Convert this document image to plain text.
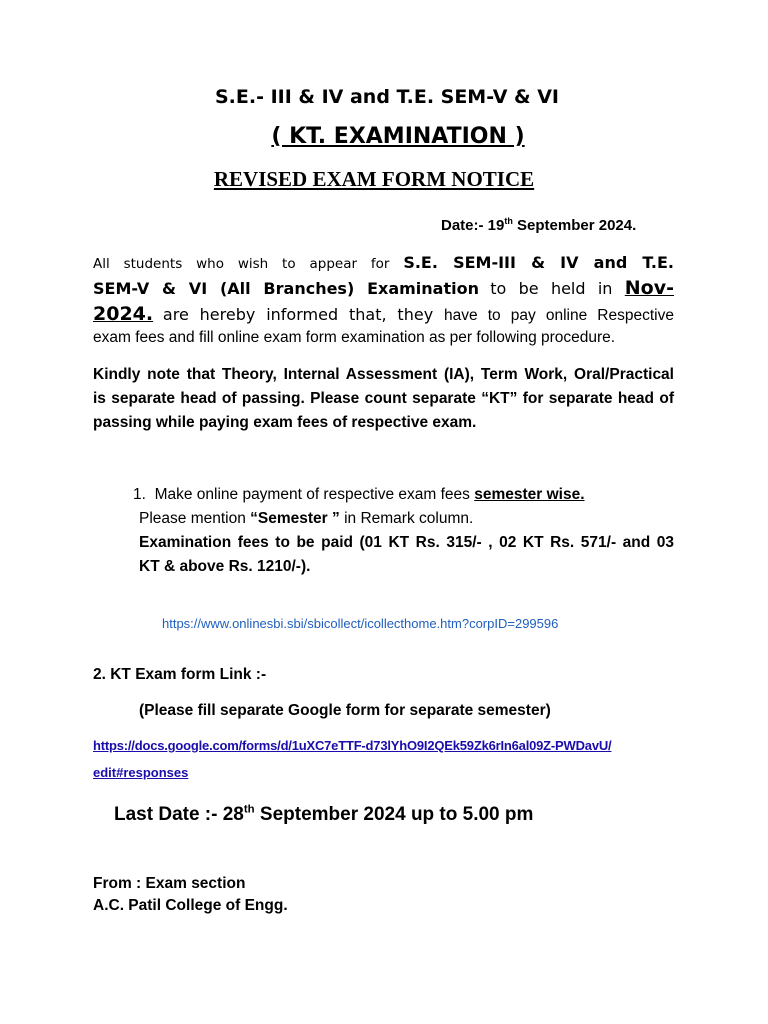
S.E.- III & IV and T.E. SEM-V & VI
( KT. EXAMINATION )
REVISED EXAM FORM NOTICE
Date:- 19th September 2024.
All students who wish to appear for S.E. SEM-III & IV and T.E.
SEM-V & VI (All Branches) Examination to be held in Nov-
2024. are hereby informed that, they have to pay online Respective
exam fees and fill online exam form examination as per following procedure.
Kindly note that Theory, Internal Assessment (IA), Term Work, Oral/Practical
is separate head of passing. Please count separate “KT” for separate head of
passing while paying exam fees of respective exam.
1. Make online payment of respective exam fees semester wise.
Please mention “Semester ” in Remark column.
Examination fees to be paid (01 KT Rs. 315/- , 02 KT Rs. 571/- and 03
KT & above Rs. 1210/-).
https://www.onlinesbi.sbi/sbicollect/icollecthome.htm?corpID=299596
2. KT Exam form Link :-
(Please fill separate Google form for separate semester)
https://docs.google.com/forms/d/1uXC7eTTF-d73lYhO9I2QEk59Zk6rIn6al09Z-PWDavU/
edit#responses
Last Date :- 28th September 2024 up to 5.00 pm
From : Exam section
A.C. Patil College of Engg.
